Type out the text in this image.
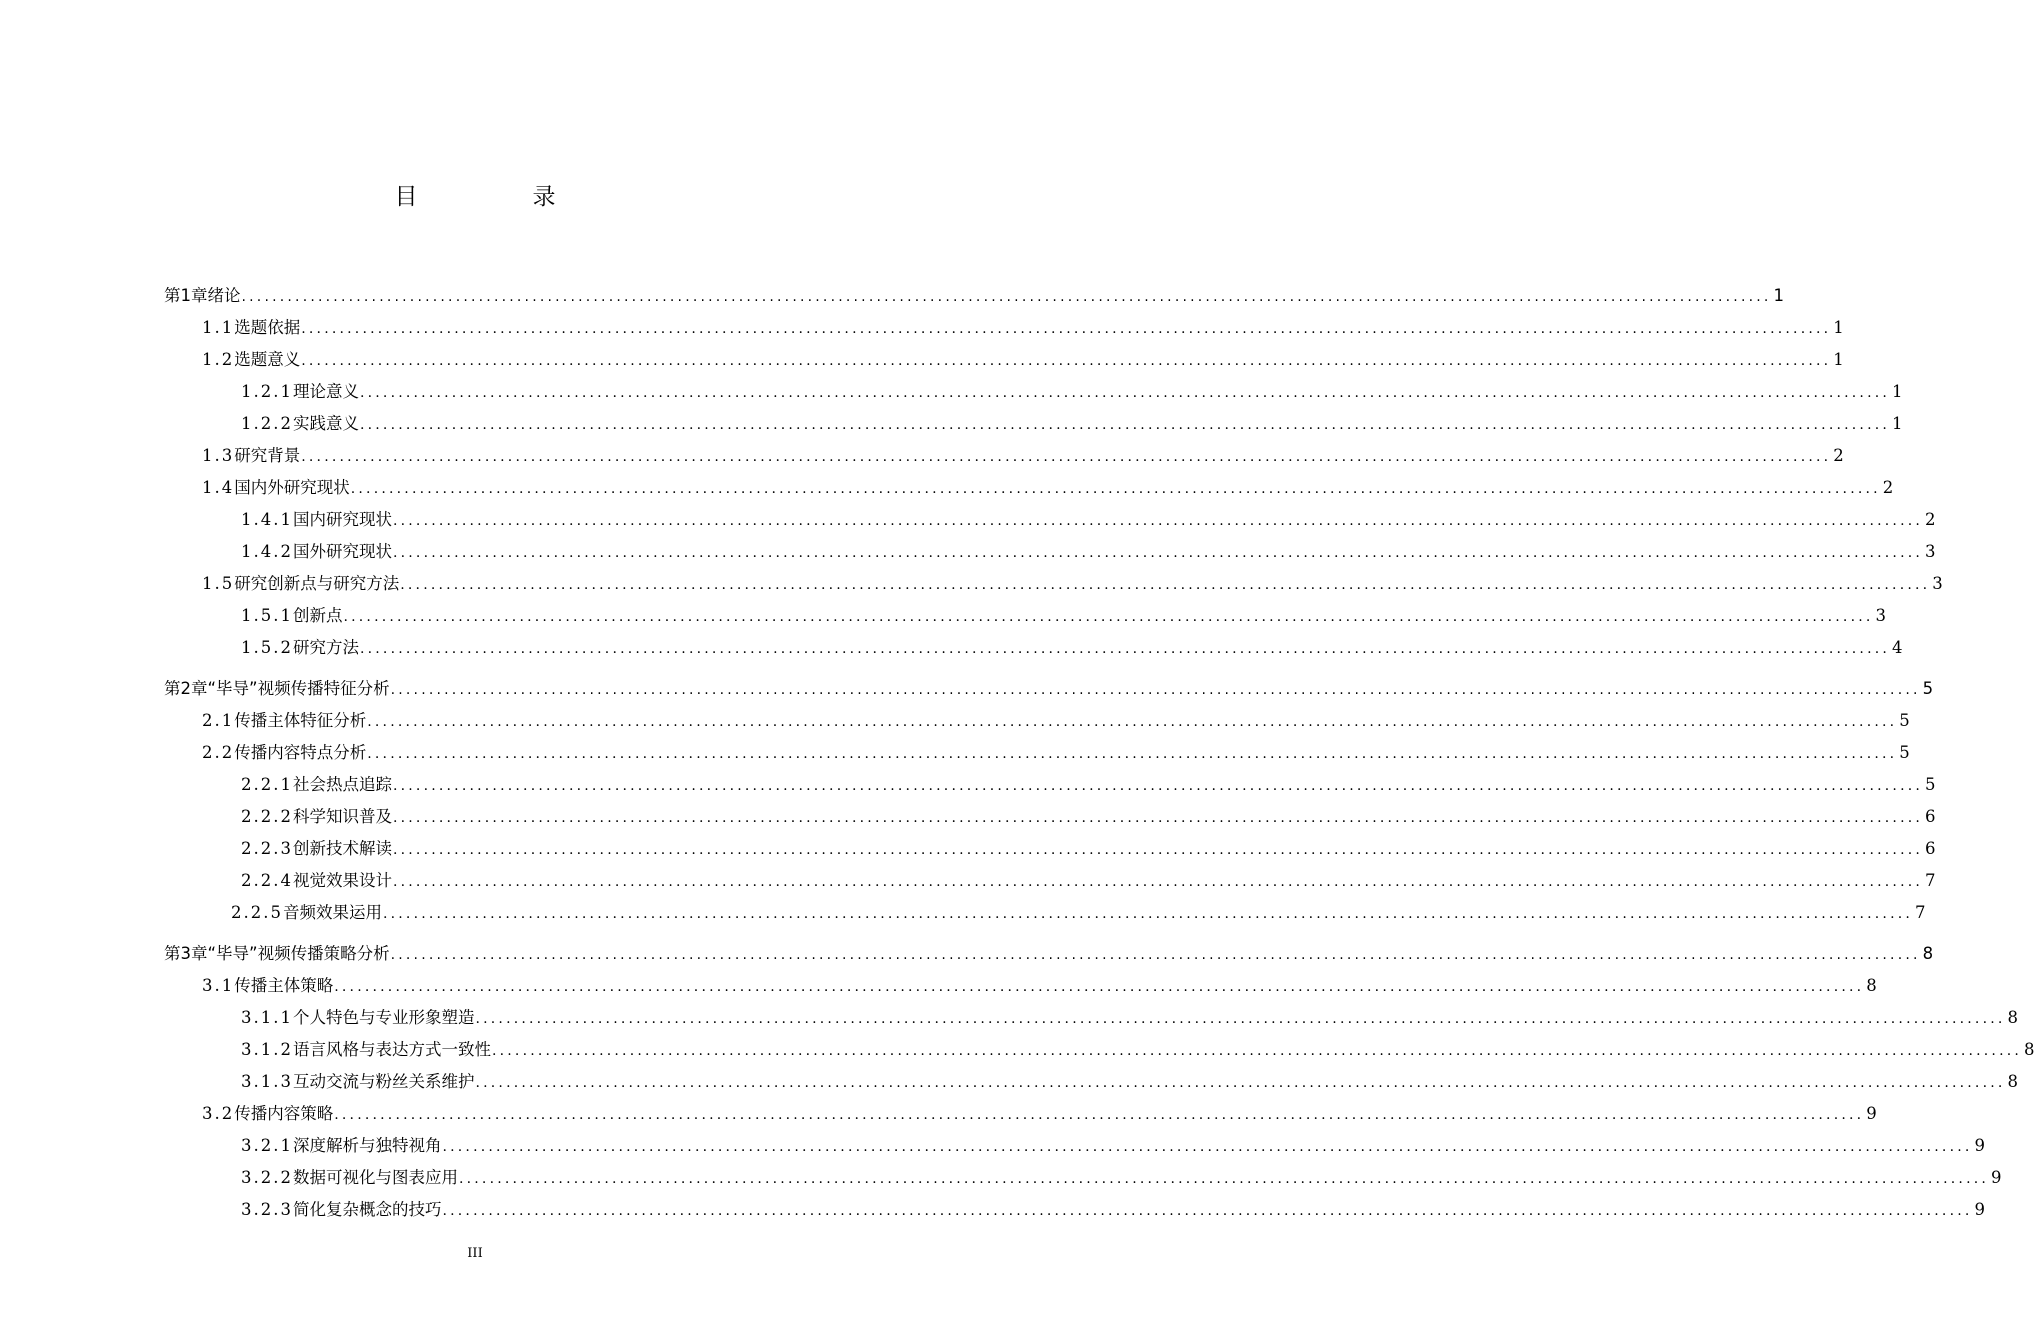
目　录
第1章 绪论 ........................................................................................................................................................................................................ 1
1.1 选题依据 ........................................................................................................................................................................................................ 1
1.2 选题意义 ........................................................................................................................................................................................................ 1
1.2.1 理论意义 ........................................................................................................................................................................................................ 1
1.2.2 实践意义 ........................................................................................................................................................................................................ 1
1.3 研究背景 ........................................................................................................................................................................................................ 2
1.4 国内外研究现状 ........................................................................................................................................................................................................ 2
1.4.1 国内研究现状 ........................................................................................................................................................................................................ 2
1.4.2 国外研究现状 ........................................................................................................................................................................................................ 3
1.5 研究创新点与研究方法 ........................................................................................................................................................................................................ 3
1.5.1 创新点 ........................................................................................................................................................................................................ 3
1.5.2 研究方法 ........................................................................................................................................................................................................ 4
第2章 “毕导”视频传播特征分析 ........................................................................................................................................................................................................ 5
2.1 传播主体特征分析 ........................................................................................................................................................................................................ 5
2.2 传播内容特点分析 ........................................................................................................................................................................................................ 5
2.2.1 社会热点追踪 ........................................................................................................................................................................................................ 5
2.2.2 科学知识普及 ........................................................................................................................................................................................................ 6
2.2.3 创新技术解读 ........................................................................................................................................................................................................ 6
2.2.4 视觉效果设计 ........................................................................................................................................................................................................ 7
2.2.5 音频效果运用 ........................................................................................................................................................................................................ 7
第3章 “毕导”视频传播策略分析 ........................................................................................................................................................................................................ 8
3.1 传播主体策略 ........................................................................................................................................................................................................ 8
3.1.1 个人特色与专业形象塑造 ........................................................................................................................................................................................................ 8
3.1.2 语言风格与表达方式一致性 ........................................................................................................................................................................................................ 8
3.1.3 互动交流与粉丝关系维护 ........................................................................................................................................................................................................ 8
3.2 传播内容策略 ........................................................................................................................................................................................................ 9
3.2.1 深度解析与独特视角 ........................................................................................................................................................................................................ 9
3.2.2 数据可视化与图表应用 ........................................................................................................................................................................................................ 9
3.2.3 简化复杂概念的技巧 ........................................................................................................................................................................................................ 9
III
